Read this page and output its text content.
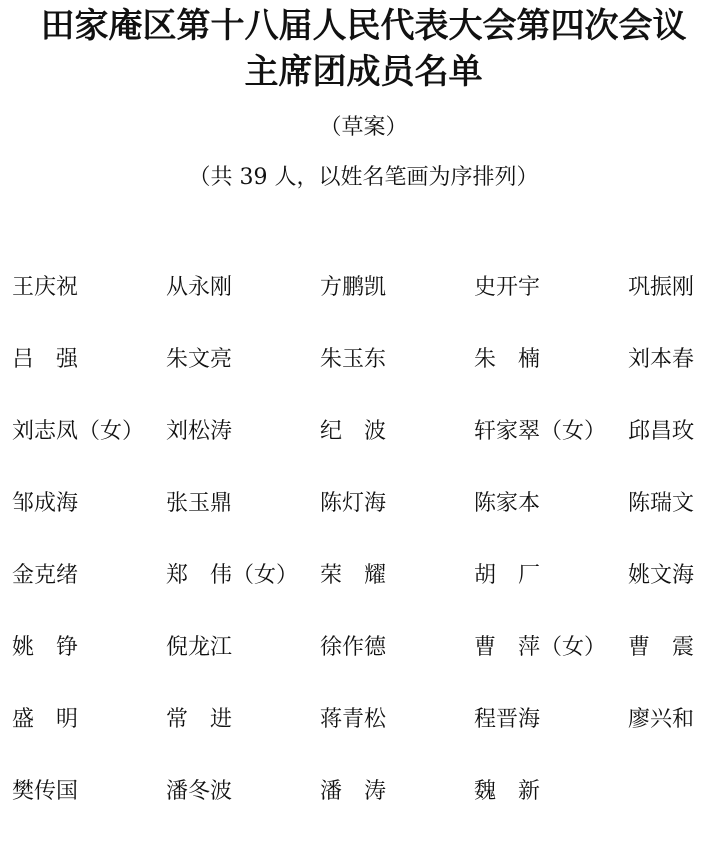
田家庵区第十八届人民代表大会第四次会议
主席团成员名单

（草案）

（共 39 人，以姓名笔画为序排列）

王庆祝	从永刚	方鹏凯	史开宇	巩振刚
吕　强	朱文亮	朱玉东	朱　楠	刘本春
刘志凤（女） 刘松涛	纪　波	轩家翠（女） 邱昌玫
邹成海	张玉鼎	陈灯海	陈家本	陈瑞文
金克绪	郑　伟（女） 荣　耀	胡　厂	姚文海
姚　铮	倪龙江	徐作德	曹　萍（女） 曹　震
盛　明	常　进	蒋青松	程晋海	廖兴和
樊传国	潘冬波	潘　涛	魏　新
